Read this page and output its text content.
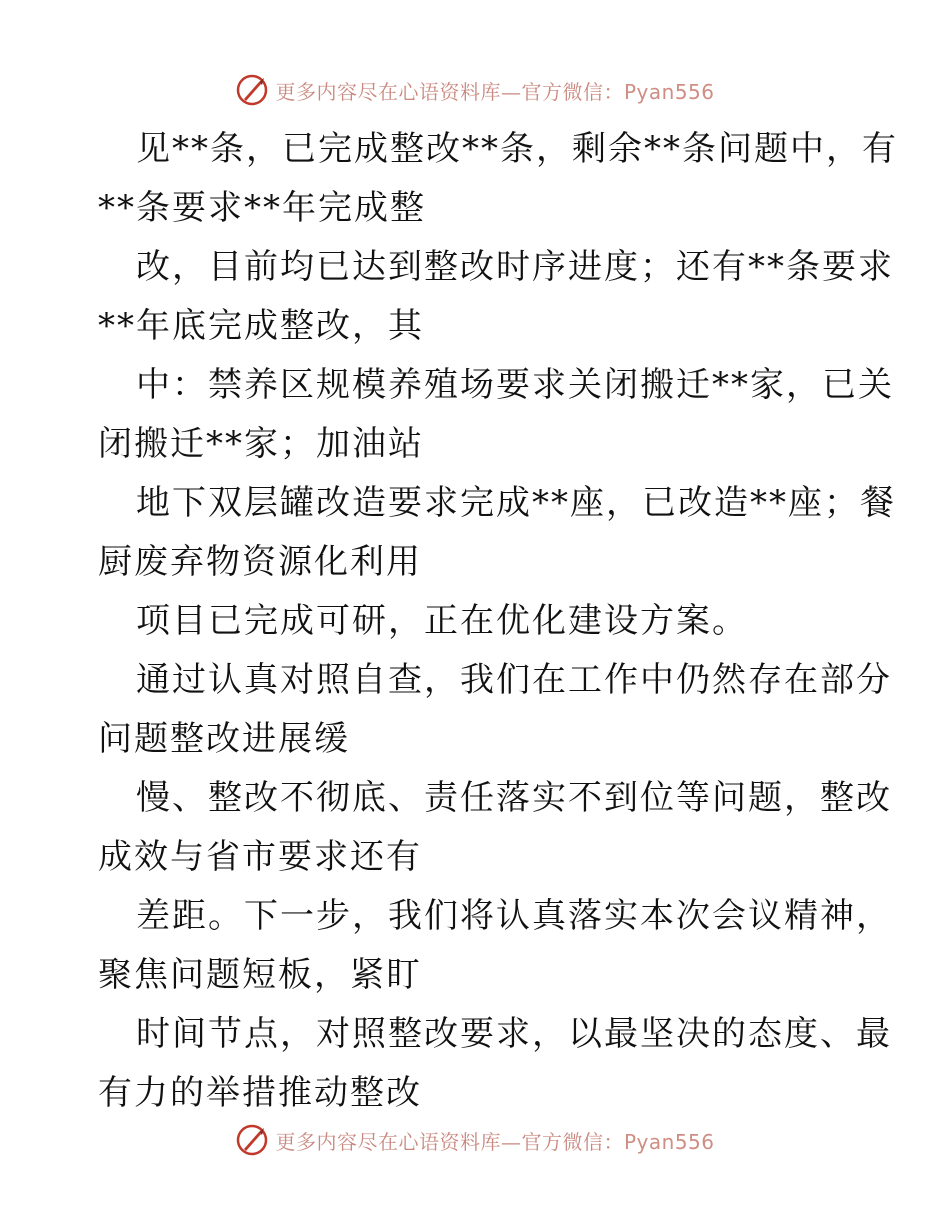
更多内容尽在心语资料库—官方微信：Pyan556
见**条，已完成整改**条，剩余**条问题中，有
**条要求**年完成整
改，目前均已达到整改时序进度；还有**条要求
**年底完成整改，其
中：禁养区规模养殖场要求关闭搬迁**家，已关
闭搬迁**家；加油站
地下双层罐改造要求完成**座，已改造**座；餐
厨废弃物资源化利用
项目已完成可研，正在优化建设方案。
通过认真对照自查，我们在工作中仍然存在部分
问题整改进展缓
慢、整改不彻底、责任落实不到位等问题，整改
成效与省市要求还有
差距。下一步，我们将认真落实本次会议精神，
聚焦问题短板，紧盯
时间节点，对照整改要求，以最坚决的态度、最
有力的举措推动整改
更多内容尽在心语资料库—官方微信：Pyan556
